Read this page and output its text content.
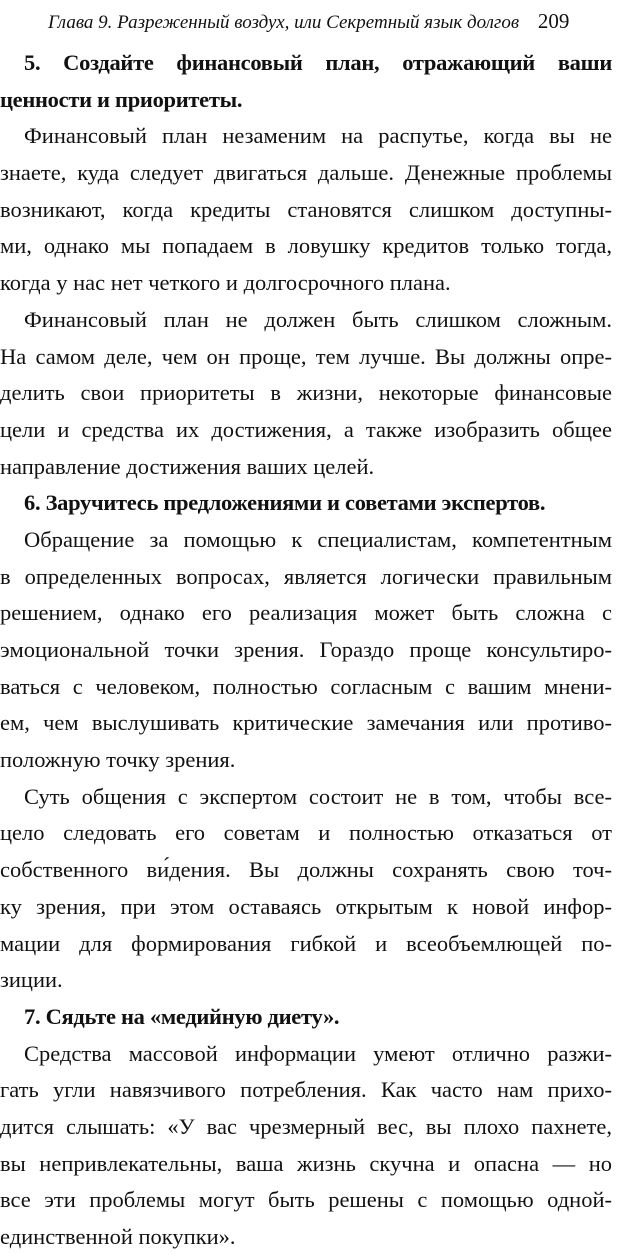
Глава 9. Разреженный воздух, или Секретный язык долгов 209
5. Создайте финансовый план, отражающий ваши
ценности и приоритеты.
Финансовый план незаменим на распутье, когда вы не
знаете, куда следует двигаться дальше. Денежные проблемы
возникают, когда кредиты становятся слишком доступны-
ми, однако мы попадаем в ловушку кредитов только тогда,
когда у нас нет четкого и долгосрочного плана.
Финансовый план не должен быть слишком сложным.
На самом деле, чем он проще, тем лучше. Вы должны опре-
делить свои приоритеты в жизни, некоторые финансовые
цели и средства их достижения, а также изобразить общее
направление достижения ваших целей.
6. Заручитесь предложениями и советами экспертов.
Обращение за помощью к специалистам, компетентным
в определенных вопросах, является логически правильным
решением, однако его реализация может быть сложна с
эмоциональной точки зрения. Гораздо проще консультиро-
ваться с человеком, полностью согласным с вашим мнени-
ем, чем выслушивать критические замечания или противо-
положную точку зрения.
Суть общения с экспертом состоит не в том, чтобы все-
цело следовать его советам и полностью отказаться от
собственного ви́дения. Вы должны сохранять свою точ-
ку зрения, при этом оставаясь открытым к новой инфор-
мации для формирования гибкой и всеобъемлющей по-
зиции.
7. Сядьте на «медийную диету».
Средства массовой информации умеют отлично разжи-
гать угли навязчивого потребления. Как часто нам прихо-
дится слышать: «У вас чрезмерный вес, вы плохо пахнете,
вы непривлекательны, ваша жизнь скучна и опасна — но
все эти проблемы могут быть решены с помощью одной-
единственной покупки».
